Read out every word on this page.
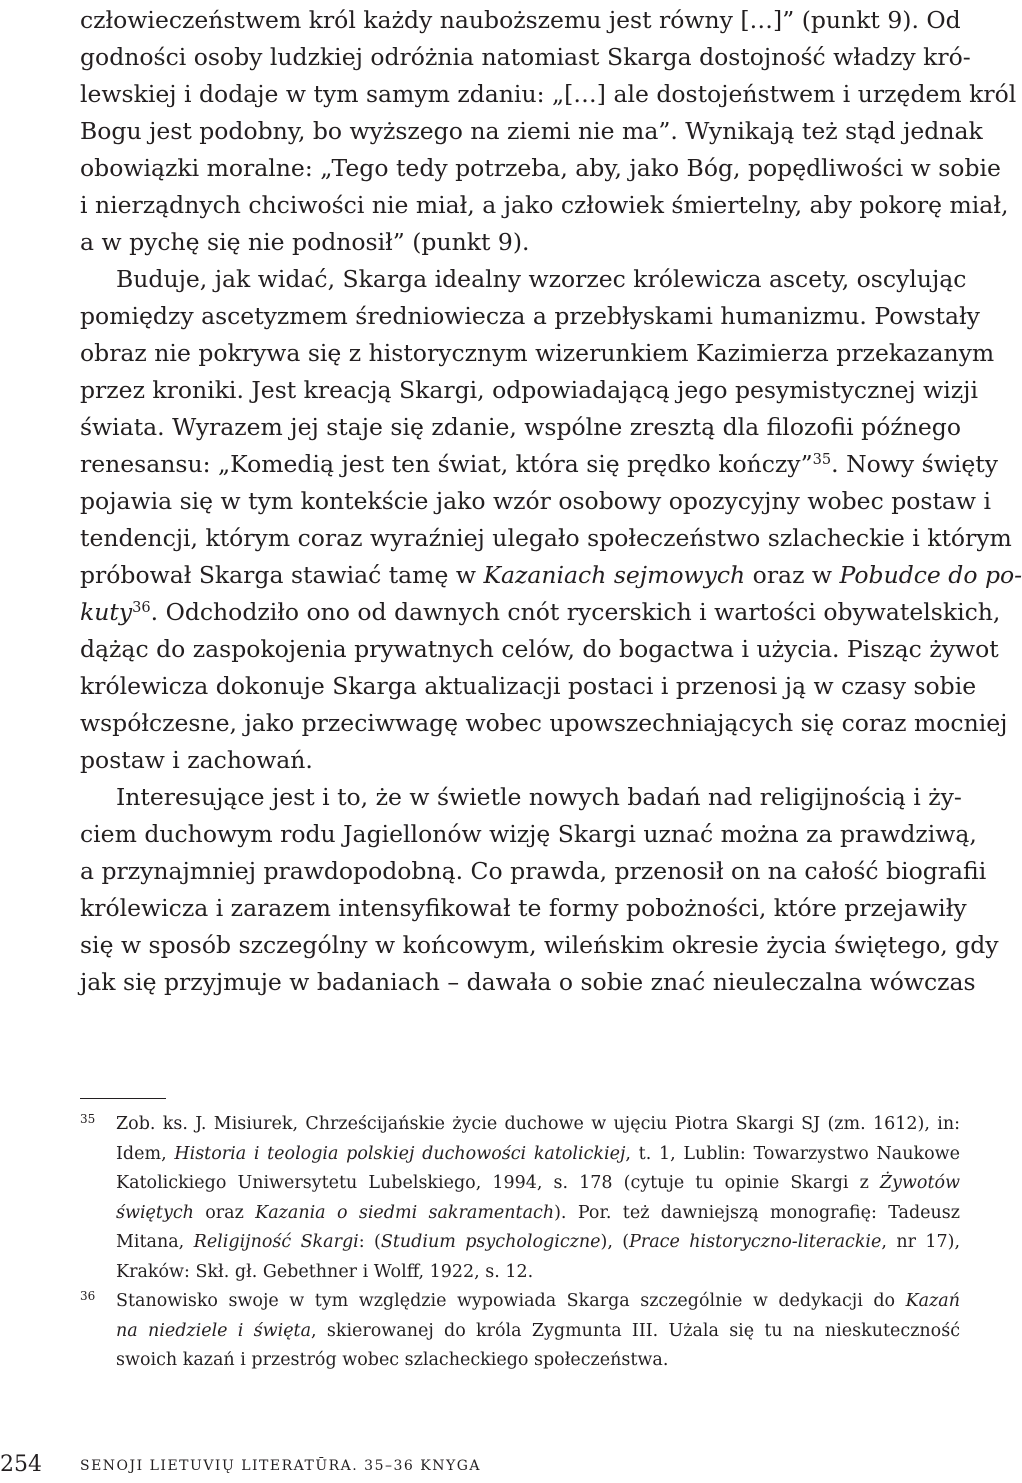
człowieczeństwem król każdy nauboższemu jest równy […]” (punkt 9). Od
godności osoby ludzkiej odróżnia natomiast Skarga dostojność władzy kró-
lewskiej i dodaje w tym samym zdaniu: „[…] ale dostojeństwem i urzędem król
Bogu jest podobny, bo wyższego na ziemi nie ma”. Wynikają też stąd jednak
obowiązki moralne: „Tego tedy potrzeba, aby, jako Bóg, popędliwości w sobie
i nierządnych chciwości nie miał, a jako człowiek śmiertelny, aby pokorę miał,
a w pychę się nie podnosił” (punkt 9).
Buduje, jak widać, Skarga idealny wzorzec królewicza ascety, oscylując
pomiędzy ascetyzmem średniowiecza a przebłyskami humanizmu. Powstały
obraz nie pokrywa się z historycznym wizerunkiem Kazimierza przekazanym
przez kroniki. Jest kreacją Skargi, odpowiadającą jego pesymistycznej wizji
świata. Wyrazem jej staje się zdanie, wspólne zresztą dla filozofii późnego
renesansu: „Komedią jest ten świat, która się prędko kończy”$^{35}$. Nowy święty
pojawia się w tym kontekście jako wzór osobowy opozycyjny wobec postaw i
tendencji, którym coraz wyraźniej ulegało społeczeństwo szlacheckie i którym
próbował Skarga stawiać tamę w Kazaniach sejmowych oraz w Pobudce do po-
kuty$^{36}$. Odchodziło ono od dawnych cnót rycerskich i wartości obywatelskich,
dążąc do zaspokojenia prywatnych celów, do bogactwa i użycia. Pisząc żywot
królewicza dokonuje Skarga aktualizacji postaci i przenosi ją w czasy sobie
współczesne, jako przeciwwagę wobec upowszechniających się coraz mocniej
postaw i zachowań.
Interesujące jest i to, że w świetle nowych badań nad religijnością i ży-
ciem duchowym rodu Jagiellonów wizję Skargi uznać można za prawdziwą,
a przynajmniej prawdopodobną. Co prawda, przenosił on na całość biografii
królewicza i zarazem intensyfikował te formy pobożności, które przejawiły
się w sposób szczególny w końcowym, wileńskim okresie życia świętego, gdy
jak się przyjmuje w badaniach – dawała o sobie znać nieuleczalna wówczas
35 Zob. ks. J. Misiurek, Chrześcijańskie życie duchowe w ujęciu Piotra Skargi SJ (zm. 1612), in:
Idem, Historia i teologia polskiej duchowości katolickiej, t. 1, Lublin: Towarzystwo Naukowe
Katolickiego Uniwersytetu Lubelskiego, 1994, s. 178 (cytuje tu opinie Skargi z Żywotów
świętych oraz Kazania o siedmi sakramentach). Por. też dawniejszą monografię: Tadeusz
Mitana, Religijność Skargi: (Studium psychologiczne), (Prace historyczno-literackie, nr 17),
Kraków: Skł. gł. Gebethner i Wolff, 1922, s. 12.
36 Stanowisko swoje w tym względzie wypowiada Skarga szczególnie w dedykacji do Kazań
na niedziele i święta, skierowanej do króla Zygmunta III. Użala się tu na nieskuteczność
swoich kazań i przestróg wobec szlacheckiego społeczeństwa.
254	SENOJI LIETUVIŲ LITERATŪRA. 35–36 KNYGA
